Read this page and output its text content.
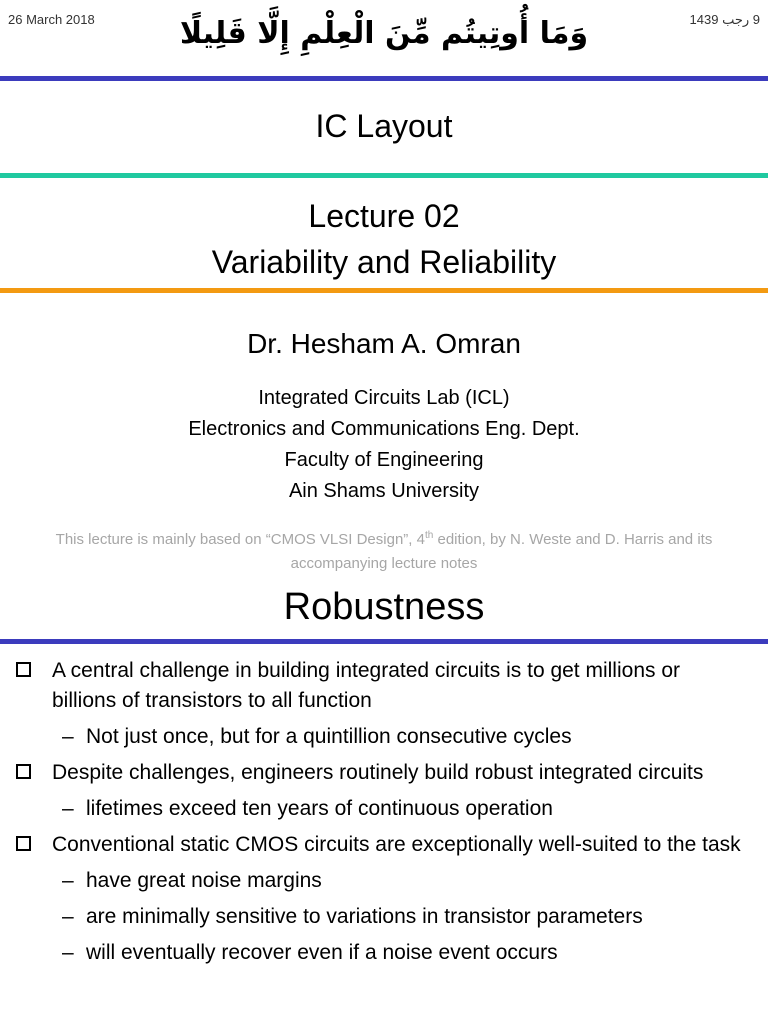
26 March 2018	وَمَا أُوتِيتُم مِّنَ الْعِلْمِ إِلَّا قَلِيلًا	9 رجب 1439
IC Layout
Lecture 02
Variability and Reliability
Dr. Hesham A. Omran
Integrated Circuits Lab (ICL)
Electronics and Communications Eng. Dept.
Faculty of Engineering
Ain Shams University
This lecture is mainly based on “CMOS VLSI Design”, 4th edition, by N. Weste and D. Harris and its accompanying lecture notes
Robustness
A central challenge in building integrated circuits is to get millions or billions of transistors to all function
– Not just once, but for a quintillion consecutive cycles
Despite challenges, engineers routinely build robust integrated circuits
– lifetimes exceed ten years of continuous operation
Conventional static CMOS circuits are exceptionally well-suited to the task
– have great noise margins
– are minimally sensitive to variations in transistor parameters
– will eventually recover even if a noise event occurs
